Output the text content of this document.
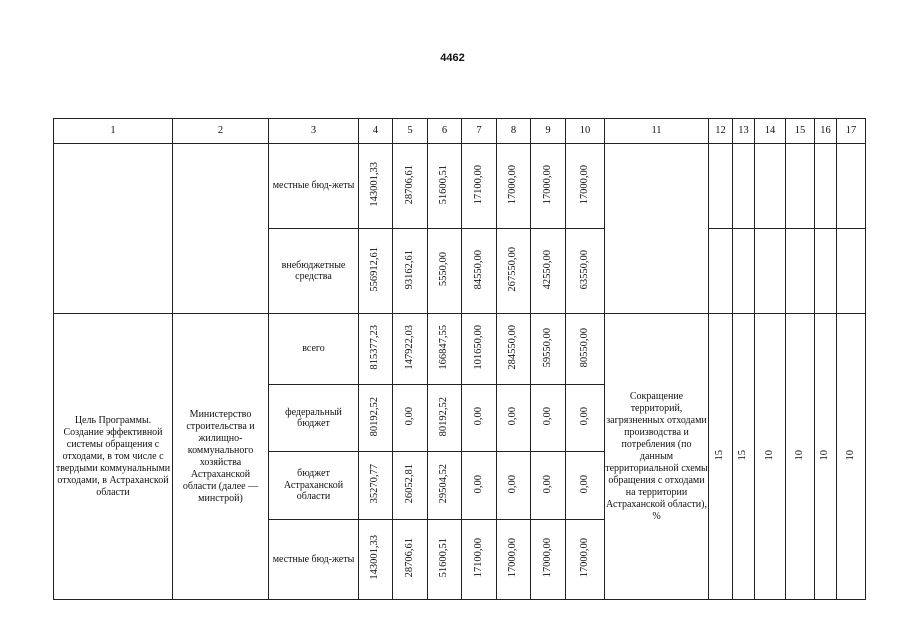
4462
1	2	3	4	5	6	7	8	9	10	11	12	13	14	15	16	17
		местные бюд-жеты	143001,33	28706,61	51600,51	17100,00	17000,00	17000,00	17000,00							
		внебюджетные средства	556912,61	93162,61	5550,00	84550,00	267550,00	42550,00	63550,00							
Цель Программы. Создание эффективной системы обращения с отходами, в том числе с твердыми коммунальными отходами, в Астраханской области	Министерство строительства и жилищно-коммунального хозяйства Астраханской области (далее — минстрой)	всего	815377,23	147922,03	166847,55	101650,00	284550,00	59550,00	80550,00	Сокращение территорий, загрязненных отходами производства и потребления (по данным территориальной схемы обращения с отходами на территории Астраханской области), %	15	15	10	10	10	10
		федеральный бюджет	80192,52	0,00	80192,52	0,00	0,00	0,00	0,00							
		бюджет Астраханской области	35270,77	26052,81	29504,52	0,00	0,00	0,00	0,00							
		местные бюд-жеты	143001,33	28706,61	51600,51	17100,00	17000,00	17000,00	17000,00							
